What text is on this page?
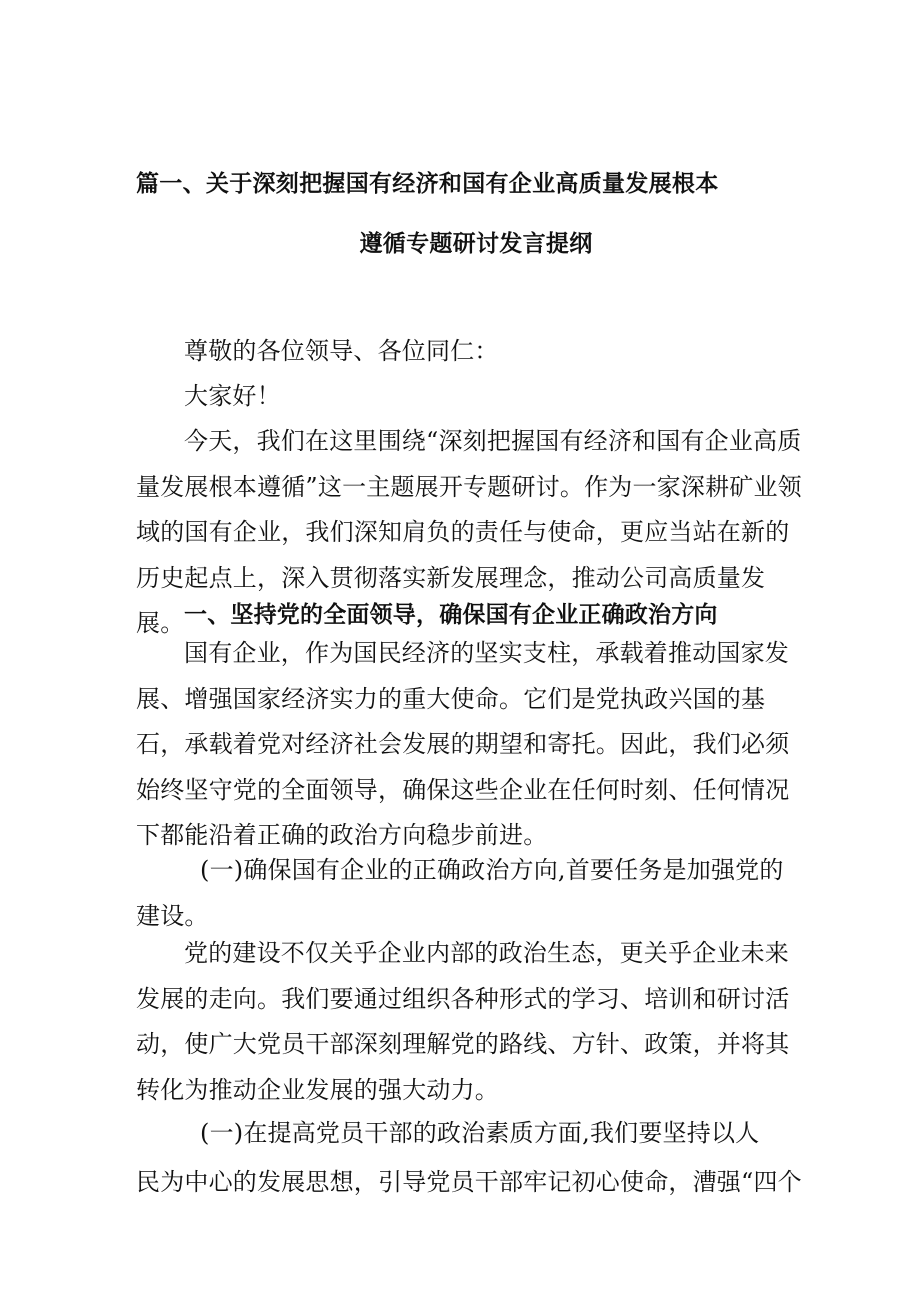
篇一、关于深刻把握国有经济和国有企业高质量发展根本
遵循专题研讨发言提纲

尊敬的各位领导、各位同仁：

大家好！

今天，我们在这里围绕“深刻把握国有经济和国有企业高质量发展根本遵循”这一主题展开专题研讨。作为一家深耕矿业领域的国有企业，我们深知肩负的责任与使命，更应当站在新的历史起点上，深入贯彻落实新发展理念，推动公司高质量发展。 一、坚持党的全面领导，确保国有企业正确政治方向

国有企业，作为国民经济的坚实支柱，承载着推动国家发展、增强国家经济实力的重大使命。它们是党执政兴国的基石，承载着党对经济社会发展的期望和寄托。因此，我们必须始终坚守党的全面领导，确保这些企业在任何时刻、任何情况下都能沿着正确的政治方向稳步前进。

(一)确保国有企业的正确政治方向,首要任务是加强党的建设。

党的建设不仅关乎企业内部的政治生态，更关乎企业未来发展的走向。我们要通过组织各种形式的学习、培训和研讨活动，使广大党员干部深刻理解党的路线、方针、政策，并将其转化为推动企业发展的强大动力。

(一)在提高党员干部的政治素质方面,我们要坚持以人

民为中心的发展思想，引导党员干部牢记初心使命，漕强“四个
